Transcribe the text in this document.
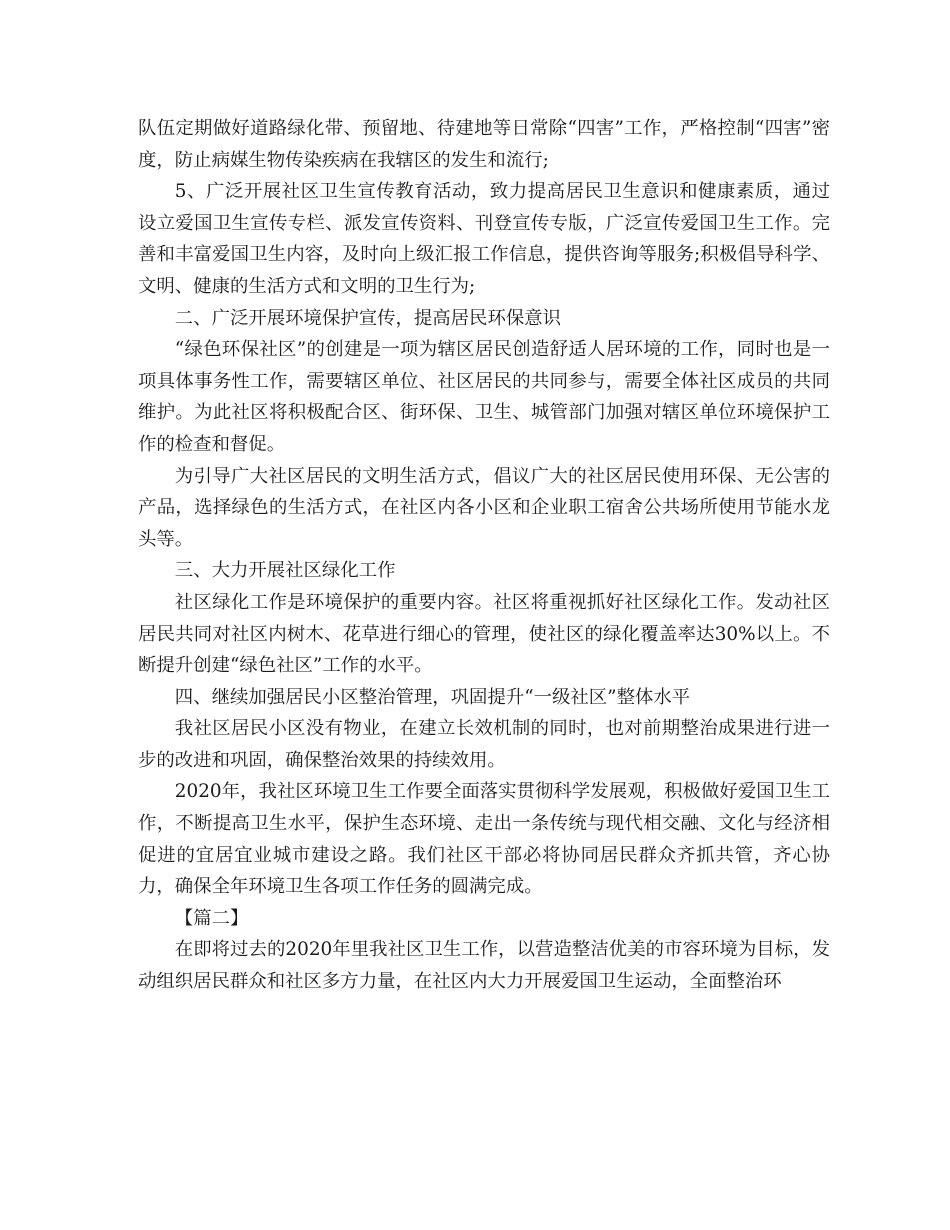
队伍定期做好道路绿化带、预留地、待建地等日常除“四害”工作，严格控制“四害”密度，防止病媒生物传染疾病在我辖区的发生和流行;

5、广泛开展社区卫生宣传教育活动，致力提高居民卫生意识和健康素质，通过设立爱国卫生宣传专栏、派发宣传资料、刊登宣传专版，广泛宣传爱国卫生工作。完善和丰富爱国卫生内容，及时向上级汇报工作信息，提供咨询等服务;积极倡导科学、文明、健康的生活方式和文明的卫生行为;

二、广泛开展环境保护宣传，提高居民环保意识

“绿色环保社区”的创建是一项为辖区居民创造舒适人居环境的工作，同时也是一项具体事务性工作，需要辖区单位、社区居民的共同参与，需要全体社区成员的共同维护。为此社区将积极配合区、街环保、卫生、城管部门加强对辖区单位环境保护工作的检查和督促。

为引导广大社区居民的文明生活方式，倡议广大的社区居民使用环保、无公害的产品，选择绿色的生活方式，在社区内各小区和企业职工宿舍公共场所使用节能水龙头等。

三、大力开展社区绿化工作

社区绿化工作是环境保护的重要内容。社区将重视抓好社区绿化工作。发动社区居民共同对社区内树木、花草进行细心的管理，使社区的绿化覆盖率达30%以上。不断提升创建“绿色社区”工作的水平。

四、继续加强居民小区整治管理，巩固提升“一级社区”整体水平

我社区居民小区没有物业，在建立长效机制的同时，也对前期整治成果进行进一步的改进和巩固，确保整治效果的持续效用。

2020年，我社区环境卫生工作要全面落实贯彻科学发展观，积极做好爱国卫生工作，不断提高卫生水平，保护生态环境、走出一条传统与现代相交融、文化与经济相促进的宜居宜业城市建设之路。我们社区干部必将协同居民群众齐抓共管，齐心协力，确保全年环境卫生各项工作任务的圆满完成。

【篇二】

在即将过去的2020年里我社区卫生工作，以营造整洁优美的市容环境为目标，发动组织居民群众和社区多方力量，在社区内大力开展爱国卫生运动，全面整治环
